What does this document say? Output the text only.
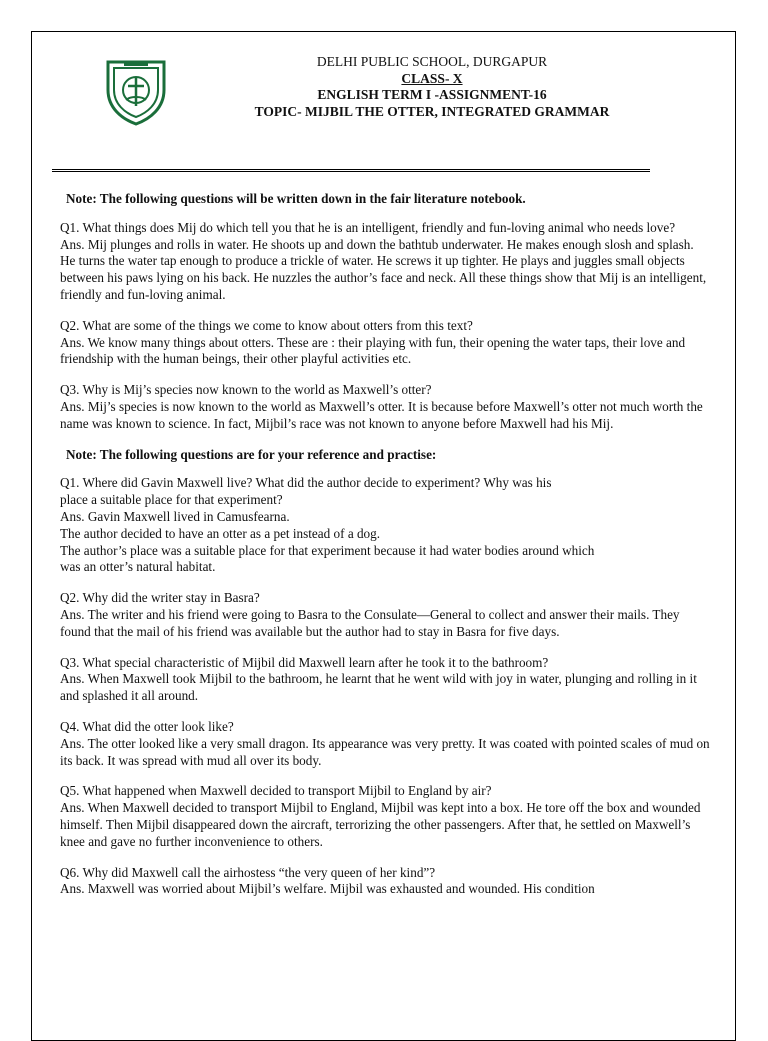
DELHI PUBLIC SCHOOL, DURGAPUR
CLASS- X
ENGLISH TERM I -ASSIGNMENT-16
TOPIC- MIJBIL THE OTTER, INTEGRATED GRAMMAR

Note: The following questions will be written down in the fair literature notebook.

Q1. What things does Mij do which tell you that he is an intelligent, friendly and fun-loving animal who needs love?

Ans. Mij plunges and rolls in water. He shoots up and down the bathtub underwater. He makes enough slosh and splash. He turns the water tap enough to produce a trickle of water. He screws it up tighter. He plays and juggles small objects between his paws lying on his back. He nuzzles the author’s face and neck. All these things show that Mij is an intelligent, friendly and fun-loving animal.

Q2. What are some of the things we come to know about otters from this text?

Ans. We know many things about otters. These are : their playing with fun, their opening the water taps, their love and friendship with the human beings, their other playful activities etc.

Q3. Why is Mij’s species now known to the world as Maxwell’s otter?

Ans. Mij’s species is now known to the world as Maxwell’s otter. It is because before Maxwell’s otter not much worth the name was known to science. In fact, Mijbil’s race was not known to anyone before Maxwell had his Mij.

Note: The following questions are for your reference and practise:

Q1. Where did Gavin Maxwell live? What did the author decide to experiment? Why was his

place a suitable place for that experiment?

Ans. Gavin Maxwell lived in Camusfearna.

The author decided to have an otter as a pet instead of a dog.

The author’s place was a suitable place for that experiment because it had water bodies around which

was an otter’s natural habitat.

Q2. Why did the writer stay in Basra?

Ans. The writer and his friend were going to Basra to the Consulate—General to collect and answer their mails. They found that the mail of his friend was available but the author had to stay in Basra for five days.

Q3. What special characteristic of Mijbil did Maxwell learn after he took it to the bathroom?

Ans. When Maxwell took Mijbil to the bathroom, he learnt that he went wild with joy in water, plunging and rolling in it and splashed it all around.

Q4. What did the otter look like?

Ans. The otter looked like a very small dragon. Its appearance was very pretty. It was coated with pointed scales of mud on its back. It was spread with mud all over its body.

Q5. What happened when Maxwell decided to transport Mijbil to England by air?

Ans. When Maxwell decided to transport Mijbil to England, Mijbil was kept into a box. He tore off the box and wounded himself. Then Mijbil disappeared down the aircraft, terrorizing the other passengers. After that, he settled on Maxwell’s knee and gave no further inconvenience to others.

Q6. Why did Maxwell call the airhostess “the very queen of her kind”?

Ans. Maxwell was worried about Mijbil’s welfare. Mijbil was exhausted and wounded. His condition
